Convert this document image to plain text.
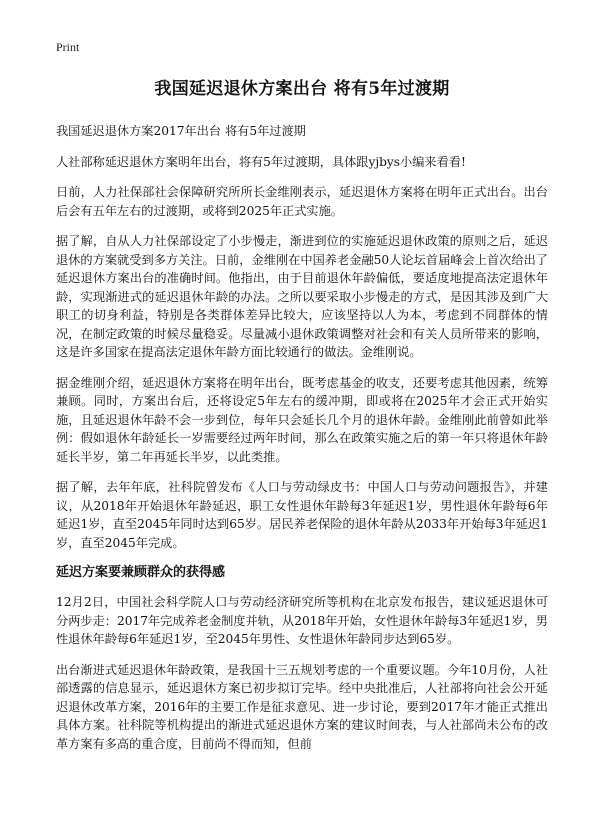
Print
我国延迟退休方案出台 将有5年过渡期

我国延迟退休方案2017年出台 将有5年过渡期

人社部称延迟退休方案明年出台，将有5年过渡期，具体跟yjbys小编来看看!

日前，人力社保部社会保障研究所所长金维刚表示，延迟退休方案将在明年正式出台。出台后会有五年左右的过渡期，或将到2025年正式实施。

据了解，自从人力社保部设定了小步慢走，渐进到位的实施延迟退休政策的原则之后，延迟退休的方案就受到多方关注。日前，金维刚在中国养老金融50人论坛首届峰会上首次给出了延迟退休方案出台的准确时间。他指出，由于目前退休年龄偏低，要适度地提高法定退休年龄，实现渐进式的延迟退休年龄的办法。之所以要采取小步慢走的方式，是因其涉及到广大职工的切身利益，特别是各类群体差异比较大，应该坚持以人为本，考虑到不同群体的情况，在制定政策的时候尽量稳妥。尽量减小退休政策调整对社会和有关人员所带来的影响，这是许多国家在提高法定退休年龄方面比较通行的做法。金维刚说。

据金维刚介绍，延迟退休方案将在明年出台，既考虑基金的收支，还要考虑其他因素，统筹兼顾。同时，方案出台后，还将设定5年左右的缓冲期，即或将在2025年才会正式开始实施，且延迟退休年龄不会一步到位，每年只会延长几个月的退休年龄。金维刚此前曾如此举例：假如退休年龄延长一岁需要经过两年时间，那么在政策实施之后的第一年只将退休年龄延长半岁，第二年再延长半岁，以此类推。

据了解，去年年底，社科院曾发布《人口与劳动绿皮书：中国人口与劳动问题报告》，并建议，从2018年开始退休年龄延迟，职工女性退休年龄每3年延迟1岁，男性退休年龄每6年延迟1岁，直至2045年同时达到65岁。居民养老保险的退休年龄从2033年开始每3年延迟1岁，直至2045年完成。

延迟方案要兼顾群众的获得感

12月2日，中国社会科学院人口与劳动经济研究所等机构在北京发布报告，建议延迟退休可分两步走：2017年完成养老金制度并轨，从2018年开始，女性退休年龄每3年延迟1岁，男性退休年龄每6年延迟1岁，至2045年男性、女性退休年龄同步达到65岁。

出台渐进式延迟退休年龄政策，是我国十三五规划考虑的一个重要议题。今年10月份，人社部透露的信息显示，延迟退休方案已初步拟订完毕。经中央批准后，人社部将向社会公开延迟退休改革方案，2016年的主要工作是征求意见、进一步讨论，要到2017年才能正式推出具体方案。社科院等机构提出的渐进式延迟退休方案的建议时间表，与人社部尚未公布的改革方案有多高的重合度，目前尚不得而知，但前
